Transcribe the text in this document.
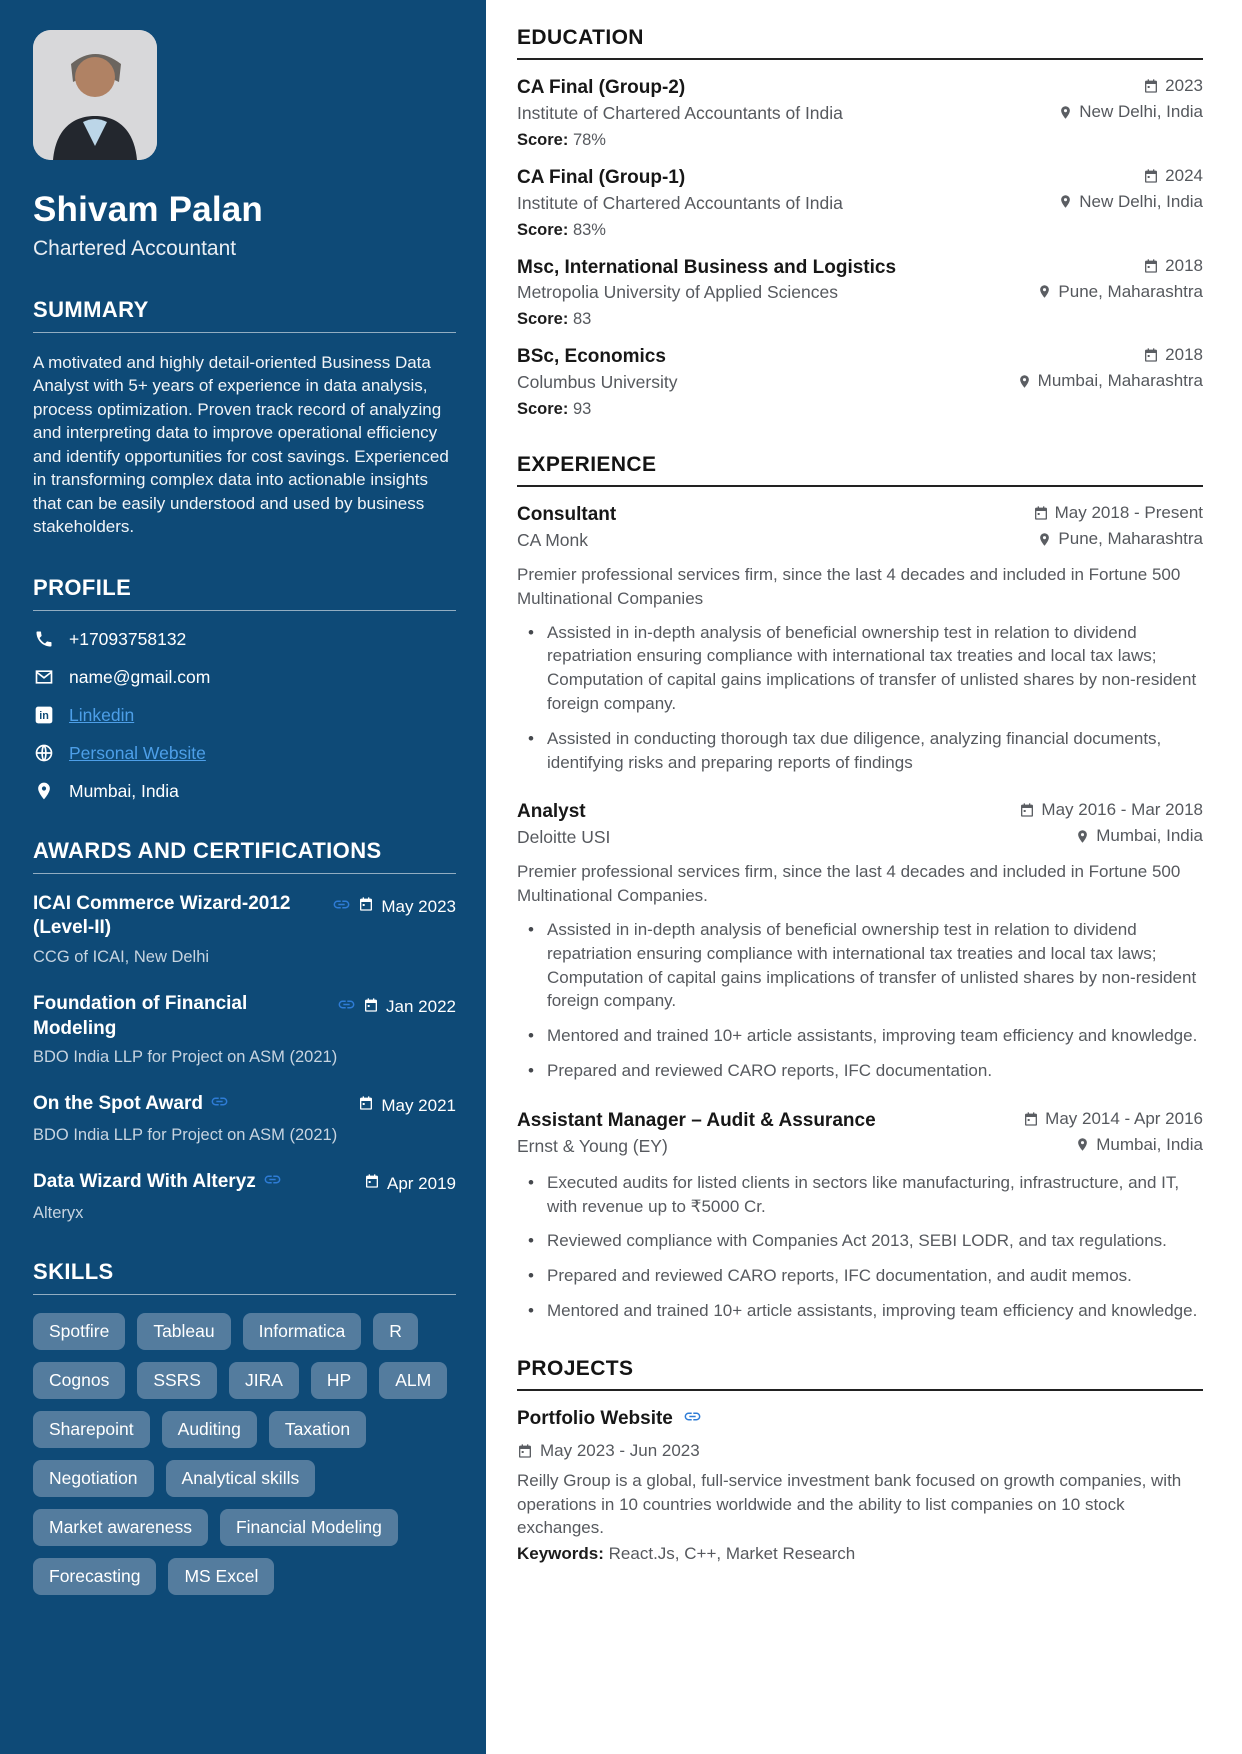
Shivam Palan
Chartered Accountant
SUMMARY
A motivated and highly detail-oriented Business Data Analyst with 5+ years of experience in data analysis, process optimization. Proven track record of analyzing and interpreting data to improve operational efficiency and identify opportunities for cost savings. Experienced in transforming complex data into actionable insights that can be easily understood and used by business stakeholders.
PROFILE
+17093758132
name@gmail.com
in Linkedin
Personal Website
Mumbai, India
AWARDS AND CERTIFICATIONS
ICAI Commerce Wizard-2012 (Level-II)
May 2023
CCG of ICAI, New Delhi
Foundation of Financial Modeling
Jan 2022
BDO India LLP for Project on ASM (2021)
On the Spot Award	May 2021
BDO India LLP for Project on ASM (2021)
Data Wizard With Alteryz	Apr 2019
Alteryx
SKILLS
Spotfire	Tableau	Informatica	R
Cognos	SSRS	JIRA	HP	ALM
Sharepoint	Auditing	Taxation
Negotiation	Analytical skills
Market awareness	Financial Modeling
Forecasting	MS Excel
EDUCATION
CA Final (Group-2)
Institute of Chartered Accountants of India
Score: 78%
2023
New Delhi, India
CA Final (Group-1)
Institute of Chartered Accountants of India
Score: 83%
2024
New Delhi, India
Msc, International Business and Logistics
Metropolia University of Applied Sciences
Score: 83
2018
Pune, Maharashtra
BSc, Economics
Columbus University
Score: 93
2018
Mumbai, Maharashtra
EXPERIENCE
Consultant
CA Monk
May 2018 - Present
Pune, Maharashtra
Premier professional services firm, since the last 4 decades and included in Fortune 500 Multinational Companies
• Assisted in in-depth analysis of beneficial ownership test in relation to dividend repatriation ensuring compliance with international tax treaties and local tax laws; Computation of capital gains implications of transfer of unlisted shares by non-resident foreign company.
• Assisted in conducting thorough tax due diligence, analyzing financial documents, identifying risks and preparing reports of findings
Analyst
Deloitte USI
May 2016 - Mar 2018
Mumbai, India
Premier professional services firm, since the last 4 decades and included in Fortune 500 Multinational Companies.
• Assisted in in-depth analysis of beneficial ownership test in relation to dividend repatriation ensuring compliance with international tax treaties and local tax laws; Computation of capital gains implications of transfer of unlisted shares by non-resident foreign company.
• Mentored and trained 10+ article assistants, improving team efficiency and knowledge.
• Prepared and reviewed CARO reports, IFC documentation.
Assistant Manager – Audit & Assurance
Ernst & Young (EY)
May 2014 - Apr 2016
Mumbai, India
• Executed audits for listed clients in sectors like manufacturing, infrastructure, and IT, with revenue up to ₹5000 Cr.
• Reviewed compliance with Companies Act 2013, SEBI LODR, and tax regulations.
• Prepared and reviewed CARO reports, IFC documentation, and audit memos.
• Mentored and trained 10+ article assistants, improving team efficiency and knowledge.
PROJECTS
Portfolio Website
May 2023 - Jun 2023
Reilly Group is a global, full-service investment bank focused on growth companies, with operations in 10 countries worldwide and the ability to list companies on 10 stock exchanges.
Keywords: React.Js, C++, Market Research
